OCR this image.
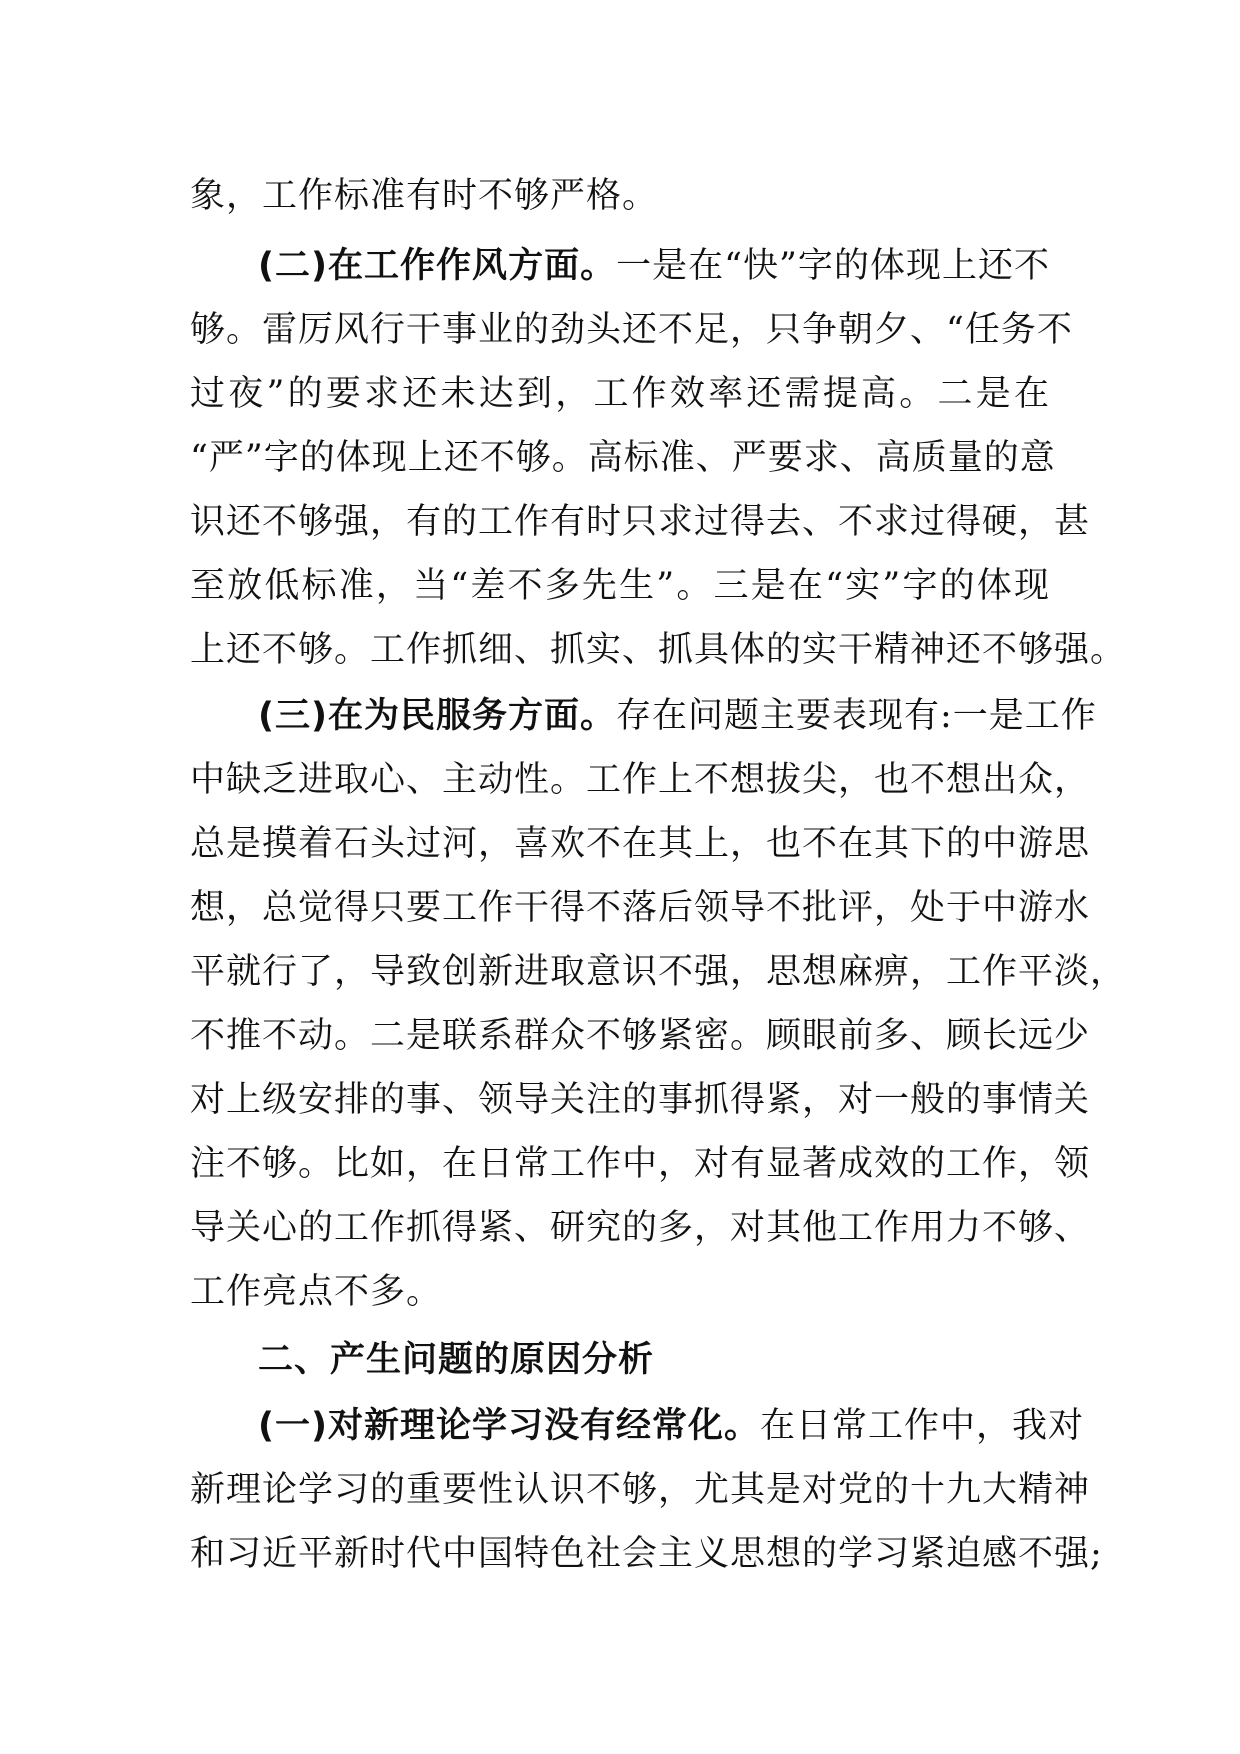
象，工作标准有时不够严格。
(二)在工作作风方面。一是在“快”字的体现上还不
够。雷厉风行干事业的劲头还不足，只争朝夕、“任务不
过夜”的要求还未达到，工作效率还需提高。二是在
“严”字的体现上还不够。高标准、严要求、高质量的意
识还不够强，有的工作有时只求过得去、不求过得硬，甚
至放低标准，当“差不多先生”。三是在“实”字的体现
上还不够。工作抓细、抓实、抓具体的实干精神还不够强。
(三)在为民服务方面。存在问题主要表现有:一是工作
中缺乏进取心、主动性。工作上不想拔尖，也不想出众，
总是摸着石头过河，喜欢不在其上，也不在其下的中游思
想，总觉得只要工作干得不落后领导不批评，处于中游水
平就行了，导致创新进取意识不强，思想麻痹，工作平淡，
不推不动。二是联系群众不够紧密。顾眼前多、顾长远少
对上级安排的事、领导关注的事抓得紧，对一般的事情关
注不够。比如，在日常工作中，对有显著成效的工作，领
导关心的工作抓得紧、研究的多，对其他工作用力不够、
工作亮点不多。
二、产生问题的原因分析
(一)对新理论学习没有经常化。在日常工作中，我对
新理论学习的重要性认识不够，尤其是对党的十九大精神
和习近平新时代中国特色社会主义思想的学习紧迫感不强;
